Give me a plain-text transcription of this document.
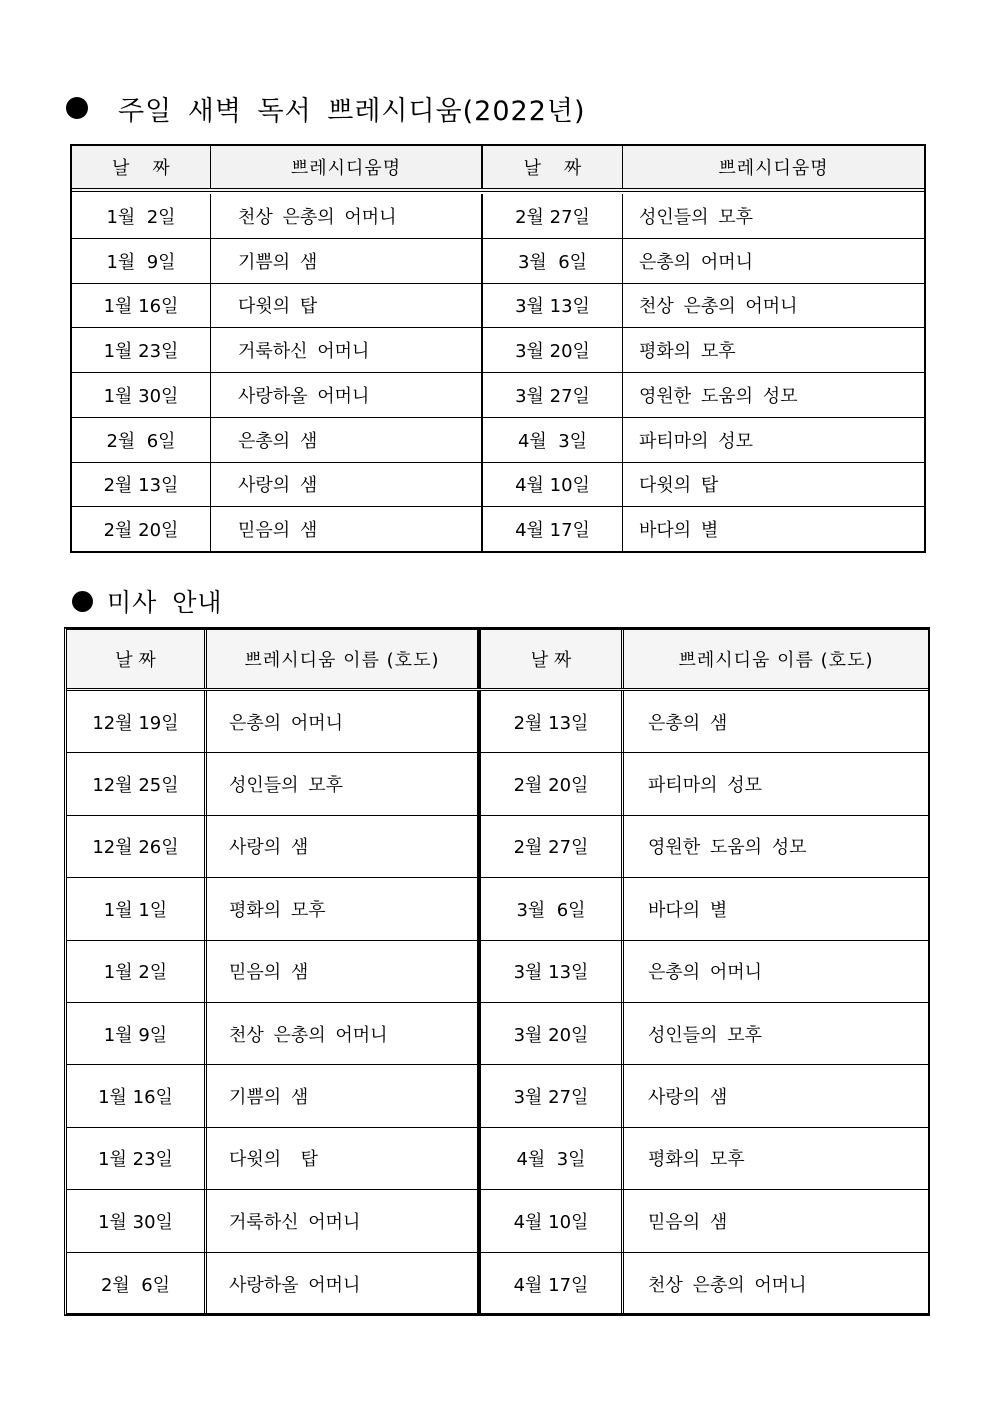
주일 새벽 독서 쁘레시디움(2022년)
날    짜	쁘레시디움명	날    짜	쁘레시디움명
1월  2일	천상 은총의 어머니	2월 27일	성인들의 모후
1월  9일	기쁨의 샘	3월  6일	은총의 어머니
1월 16일	다윗의 탑	3월 13일	천상 은총의 어머니
1월 23일	거룩하신 어머니	3월 20일	평화의 모후
1월 30일	사랑하올 어머니	3월 27일	영원한 도움의 성모
2월  6일	은총의 샘	4월  3일	파티마의 성모
2월 13일	사랑의 샘	4월 10일	다윗의 탑
2월 20일	믿음의 샘	4월 17일	바다의 별
미사 안내
날 짜	쁘레시디움 이름 (호도)	날 짜	쁘레시디움 이름 (호도)
12월 19일	은총의 어머니	2월 13일	은총의 샘
12월 25일	성인들의 모후	2월 20일	파티마의 성모
12월 26일	사랑의 샘	2월 27일	영원한 도움의 성모
1월 1일	평화의 모후	3월  6일	바다의 별
1월 2일	믿음의 샘	3월 13일	은총의 어머니
1월 9일	천상 은총의 어머니	3월 20일	성인들의 모후
1월 16일	기쁨의 샘	3월 27일	사랑의 샘
1월 23일	다윗의  탑	4월  3일	평화의 모후
1월 30일	거룩하신 어머니	4월 10일	믿음의 샘
2월  6일	사랑하올 어머니	4월 17일	천상 은총의 어머니
